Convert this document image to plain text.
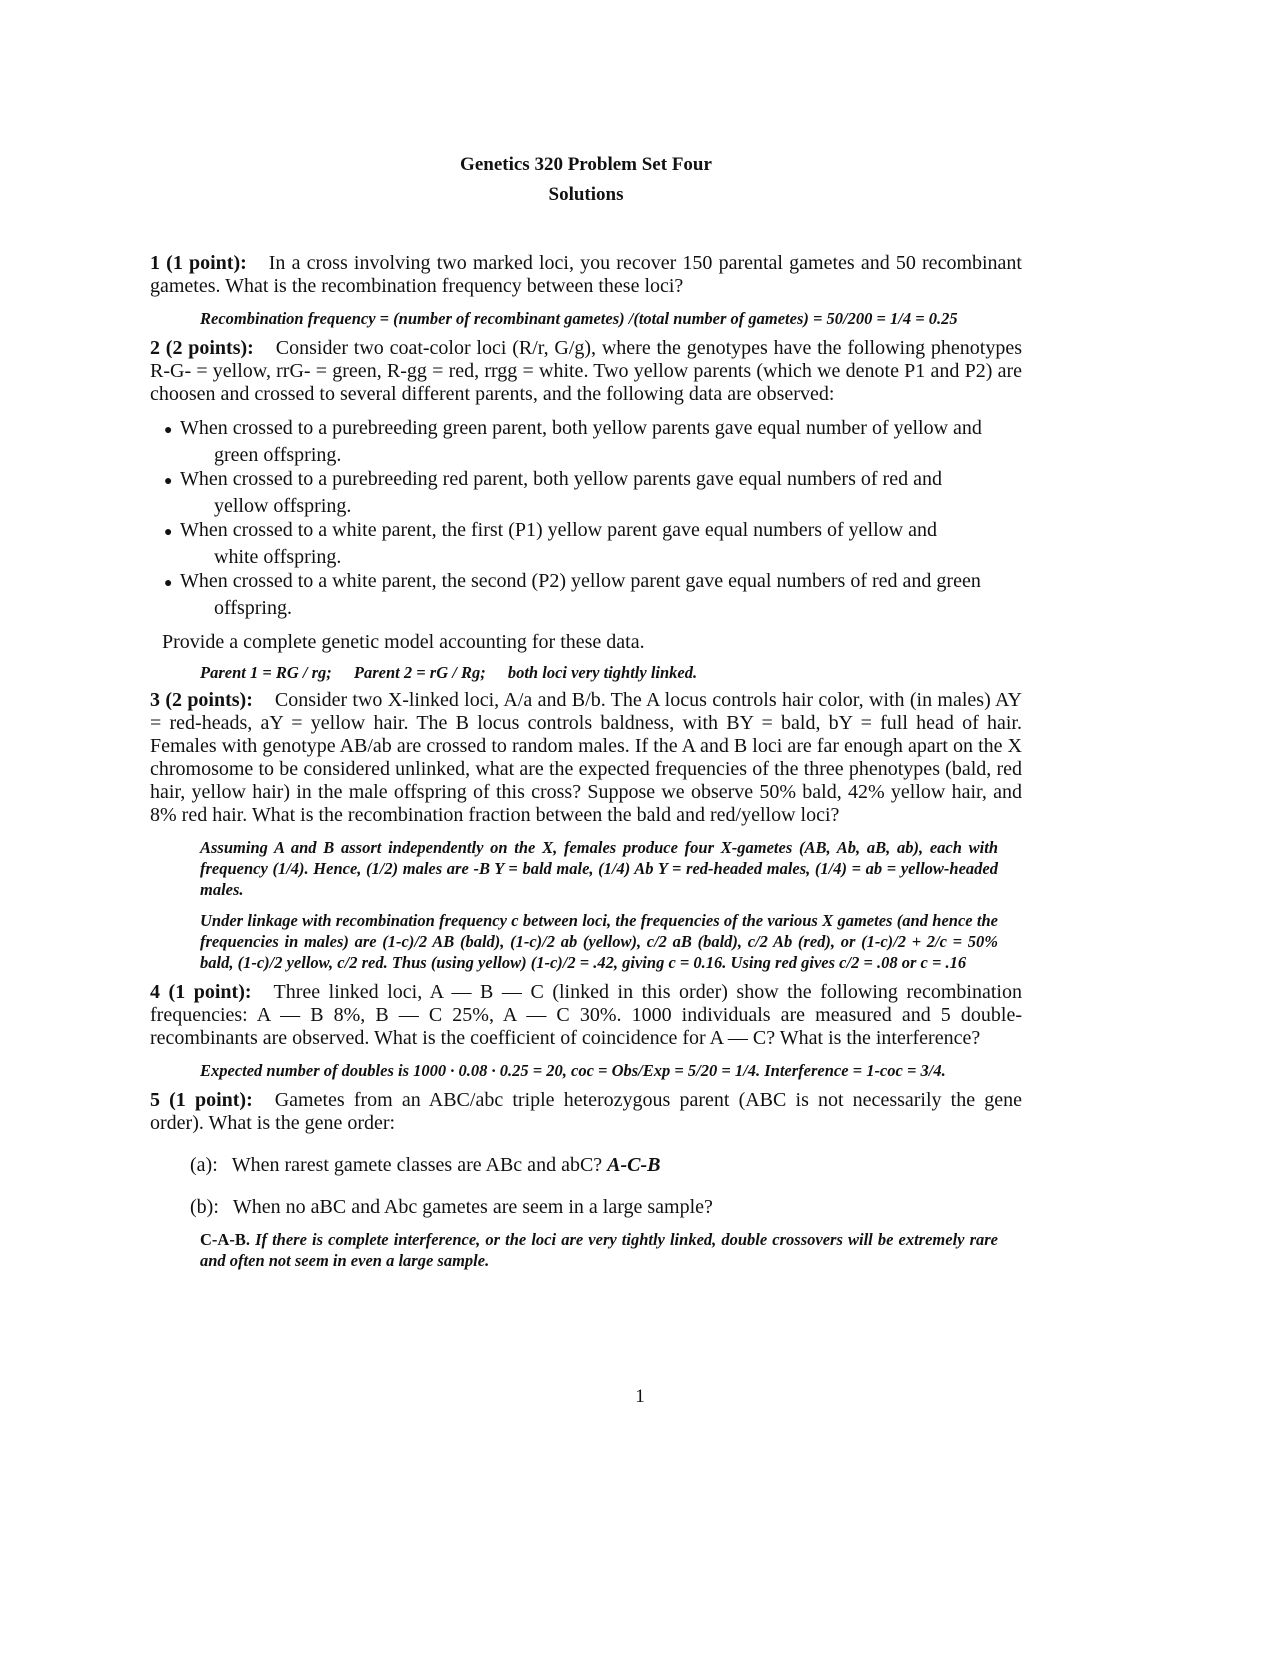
Genetics 320 Problem Set Four
Solutions

1 (1 point): In a cross involving two marked loci, you recover 150 parental gametes and 50 recombinant gametes. What is the recombination frequency between these loci?

Recombination frequency = (number of recombinant gametes) /(total number of gametes) = 50/200 = 1/4 = 0.25

2 (2 points): Consider two coat-color loci (R/r, G/g), where the genotypes have the following phenotypes R-G- = yellow, rrG- = green, R-gg = red, rrgg = white. Two yellow parents (which we denote P1 and P2) are choosen and crossed to several different parents, and the following data are observed:

● When crossed to a purebreeding green parent, both yellow parents gave equal number of yellow and green offspring.
● When crossed to a purebreeding red parent, both yellow parents gave equal numbers of red and yellow offspring.
● When crossed to a white parent, the first (P1) yellow parent gave equal numbers of yellow and white offspring.
● When crossed to a white parent, the second (P2) yellow parent gave equal numbers of red and green offspring.
Provide a complete genetic model accounting for these data.
Parent 1 = RG / rg; Parent 2 = rG / Rg; both loci very tightly linked.

3 (2 points): Consider two X-linked loci, A/a and B/b. The A locus controls hair color, with (in males) AY = red-heads, aY = yellow hair. The B locus controls baldness, with BY = bald, bY = full head of hair. Females with genotype AB/ab are crossed to random males. If the A and B loci are far enough apart on the X chromosome to be considered unlinked, what are the expected frequencies of the three phenotypes (bald, red hair, yellow hair) in the male offspring of this cross? Suppose we observe 50% bald, 42% yellow hair, and 8% red hair. What is the recombination fraction between the bald and red/yellow loci?

Assuming A and B assort independently on the X, females produce four X-gametes (AB, Ab, aB, ab), each with frequency (1/4). Hence, (1/2) males are -B Y = bald male, (1/4) Ab Y = red-headed males, (1/4) = ab = yellow-headed males.
Under linkage with recombination frequency c between loci, the frequencies of the various X gametes (and hence the frequencies in males) are (1-c)/2 AB (bald), (1-c)/2 ab (yellow), c/2 aB (bald), c/2 Ab (red), or (1-c)/2 + 2/c = 50% bald, (1-c)/2 yellow, c/2 red. Thus (using yellow) (1-c)/2 = .42, giving c = 0.16. Using red gives c/2 = .08 or c = .16

4 (1 point): Three linked loci, A — B — C (linked in this order) show the following recombination frequencies: A — B 8%, B — C 25%, A — C 30%. 1000 individuals are measured and 5 double-recombinants are observed. What is the coefficient of coincidence for A — C? What is the interference?

Expected number of doubles is 1000 · 0.08 · 0.25 = 20, coc = Obs/Exp = 5/20 = 1/4. Interference = 1-coc = 3/4.

5 (1 point): Gametes from an ABC/abc triple heterozygous parent (ABC is not necessarily the gene order). What is the gene order:

(a): When rarest gamete classes are ABc and abC? A-C-B
(b): When no aBC and Abc gametes are seem in a large sample?
C-A-B. If there is complete interference, or the loci are very tightly linked, double crossovers will be extremely rare and often not seem in even a large sample.
1
